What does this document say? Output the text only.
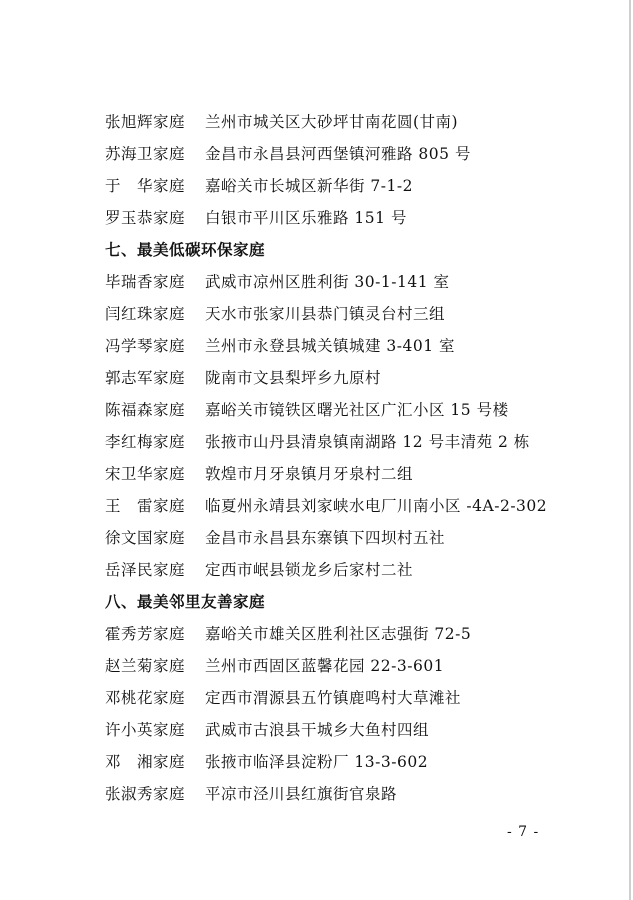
张旭辉家庭 兰州市城关区大砂坪甘南花圆(甘南)
苏海卫家庭 金昌市永昌县河西堡镇河雅路 805 号
于　华家庭 嘉峪关市长城区新华街 7-1-2
罗玉恭家庭 白银市平川区乐雅路 151 号
七、最美低碳环保家庭
毕瑞香家庭 武威市凉州区胜利街 30-1-141 室
闫红珠家庭 天水市张家川县恭门镇灵台村三组
冯学琴家庭 兰州市永登县城关镇城建 3-401 室
郭志军家庭 陇南市文县梨坪乡九原村
陈福森家庭 嘉峪关市镜铁区曙光社区广汇小区 15 号楼
李红梅家庭 张掖市山丹县清泉镇南湖路 12 号丰清苑 2 栋
宋卫华家庭 敦煌市月牙泉镇月牙泉村二组
王　雷家庭 临夏州永靖县刘家峡水电厂川南小区 -4A-2-302
徐文国家庭 金昌市永昌县东寨镇下四坝村五社
岳泽民家庭 定西市岷县锁龙乡后家村二社
八、最美邻里友善家庭
霍秀芳家庭 嘉峪关市雄关区胜利社区志强街 72-5
赵兰菊家庭 兰州市西固区蓝馨花园 22-3-601
邓桃花家庭 定西市渭源县五竹镇鹿鸣村大草滩社
许小英家庭 武威市古浪县干城乡大鱼村四组
邓　湘家庭 张掖市临泽县淀粉厂 13-3-602
张淑秀家庭 平凉市泾川县红旗街官泉路
- 7 -
